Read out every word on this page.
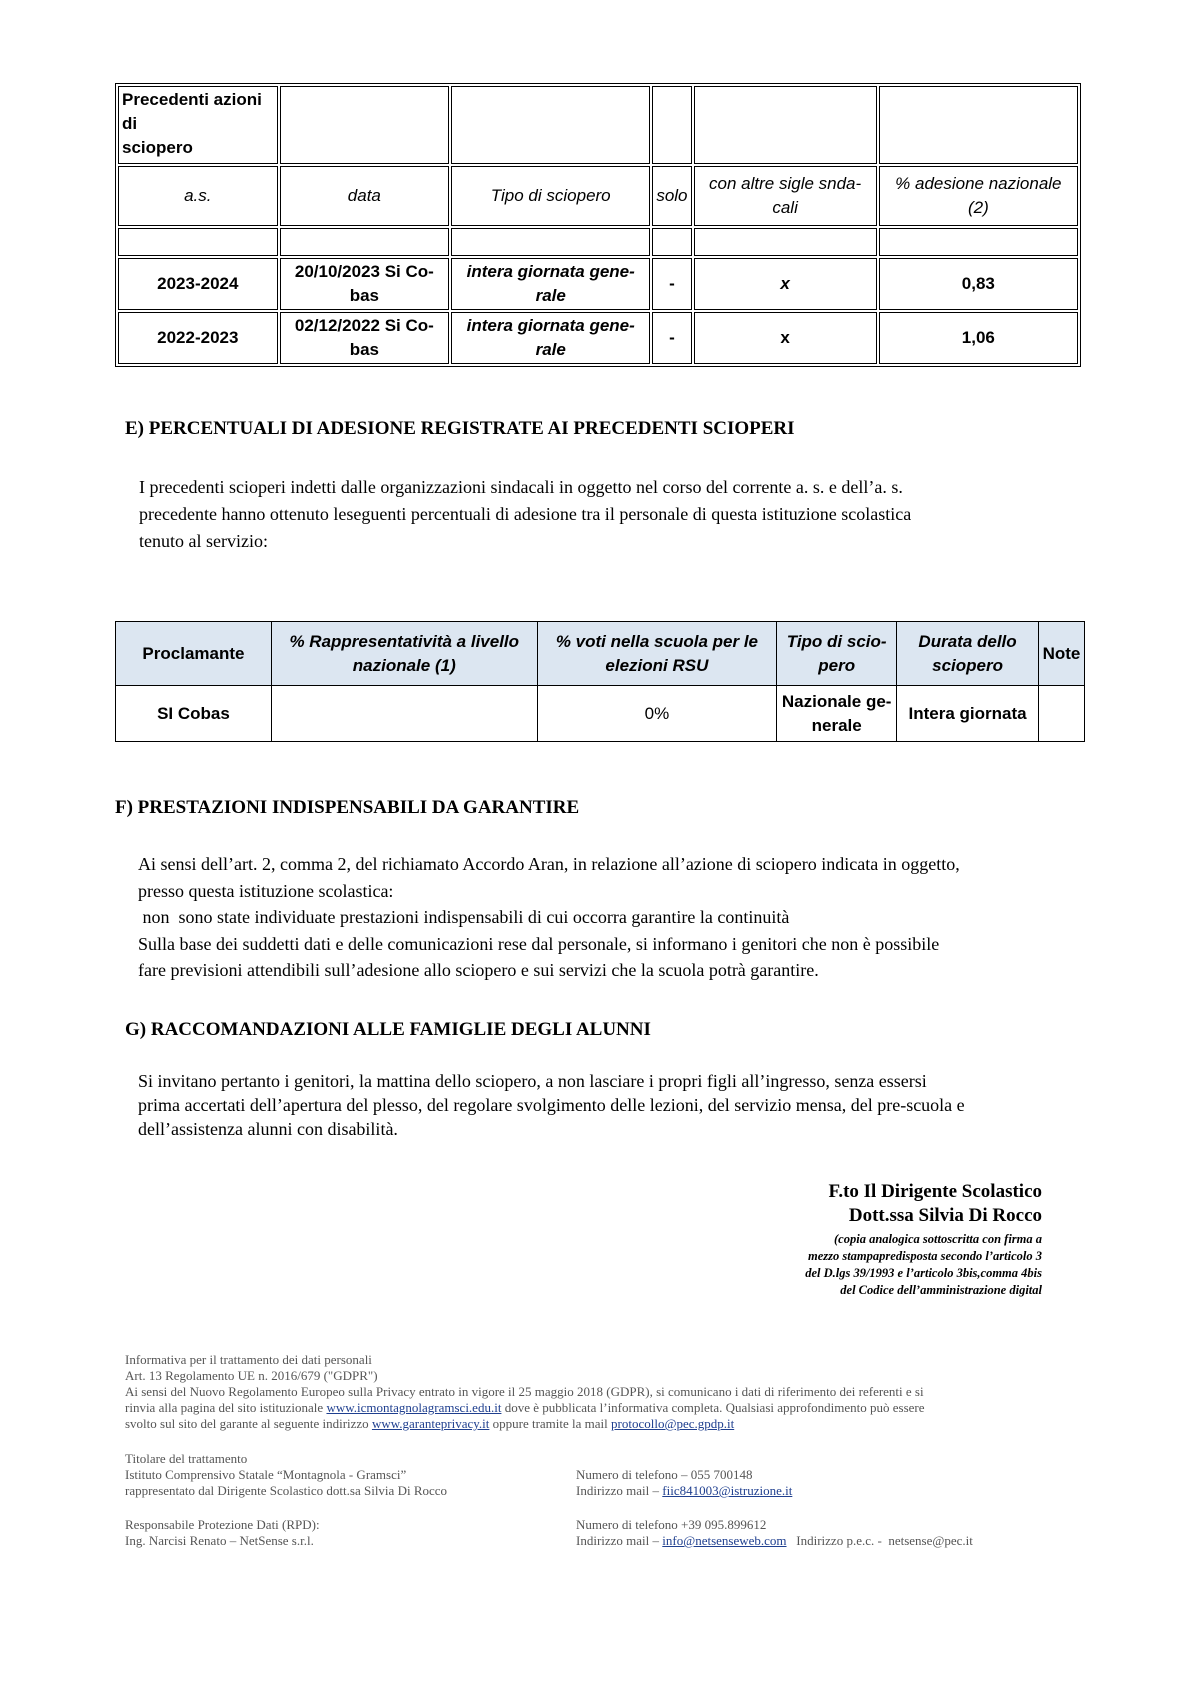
Precedenti azioni
di
sciopero					

a.s.	data	Tipo di sciopero	solo	con altre sigle snda-cali	% adesione nazionale (2)

2023-2024	20/10/2023 Si Co-bas	intera giornata gene-rale	-	x	0,83
2022-2023	02/12/2022 Si Co-bas	intera giornata gene-rale	-	x	1,06
E) PERCENTUALI DI ADESIONE REGISTRATE AI PRECEDENTI SCIOPERI

I precedenti scioperi indetti dalle organizzazioni sindacali in oggetto nel corso del corrente a. s. e dell’a. s.

precedente hanno ottenuto leseguenti percentuali di adesione tra il personale di questa istituzione scolastica

tenuto al servizio:

Proclamante	% Rappresentatività a livello nazionale (1)	% voti nella scuola per le elezioni RSU	Tipo di scio-pero	Durata dello sciopero	Note
SI Cobas		0%	Nazionale ge-nerale	Intera giornata	
F) PRESTAZIONI INDISPENSABILI DA GARANTIRE

Ai sensi dell’art. 2, comma 2, del richiamato Accordo Aran, in relazione all’azione di sciopero indicata in oggetto,

presso questa istituzione scolastica:

non  sono state individuate prestazioni indispensabili di cui occorra garantire la continuità

Sulla base dei suddetti dati e delle comunicazioni rese dal personale, si informano i genitori che non è possibile

fare previsioni attendibili sull’adesione allo sciopero e sui servizi che la scuola potrà garantire.

G) RACCOMANDAZIONI ALLE FAMIGLIE DEGLI ALUNNI

Si invitano pertanto i genitori, la mattina dello sciopero, a non lasciare i propri figli all’ingresso, senza essersi

prima accertati dell’apertura del plesso, del regolare svolgimento delle lezioni, del servizio mensa, del pre-scuola e

dell’assistenza alunni con disabilità.

F.to Il Dirigente Scolastico
Dott.ssa Silvia Di Rocco
(copia analogica sottoscritta con firma a
mezzo stampapredisposta secondo l’articolo 3
del D.lgs 39/1993 e l’articolo 3bis,comma 4bis
del Codice dell’amministrazione digital

Informativa per il trattamento dei dati personali

Art. 13 Regolamento UE n. 2016/679 ("GDPR")

Ai sensi del Nuovo Regolamento Europeo sulla Privacy entrato in vigore il 25 maggio 2018 (GDPR), si comunicano i dati di riferimento dei referenti e si

rinvia alla pagina del sito istituzionale www.icmontagnolagramsci.edu.it dove è pubblicata l’informativa completa. Qualsiasi approfondimento può essere

svolto sul sito del garante al seguente indirizzo www.garanteprivacy.it oppure tramite la mail protocollo@pec.gpdp.it

Titolare del trattamento

Istituto Comprensivo Statale “Montagnola - Gramsci”

rappresentato dal Dirigente Scolastico dott.sa Silvia Di Rocco

Numero di telefono – 055 700148

Indirizzo mail – fiic841003@istruzione.it

Responsabile Protezione Dati (RPD):

Ing. Narcisi Renato – NetSense s.r.l.

Numero di telefono +39 095.899612

Indirizzo mail – info@netsenseweb.com   Indirizzo p.e.c. -  netsense@pec.it
